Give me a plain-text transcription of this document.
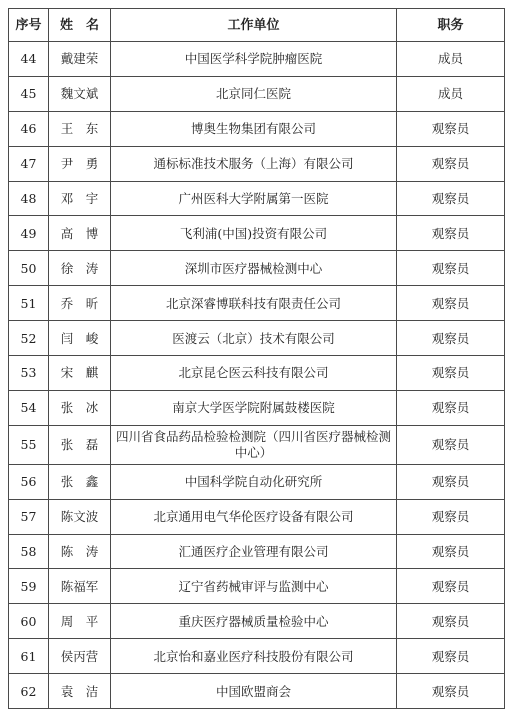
序号	姓　名	工作单位	职务
44	戴建荣	中国医学科学院肿瘤医院	成员
45	魏文斌	北京同仁医院	成员
46	王　东	博奥生物集团有限公司	观察员
47	尹　勇	通标标准技术服务（上海）有限公司	观察员
48	邓　宇	广州医科大学附属第一医院	观察员
49	高　博	飞利浦(中国)投资有限公司	观察员
50	徐　涛	深圳市医疗器械检测中心	观察员
51	乔　昕	北京深睿博联科技有限责任公司	观察员
52	闫　峻	医渡云（北京）技术有限公司	观察员
53	宋　麒	北京昆仑医云科技有限公司	观察员
54	张　冰	南京大学医学院附属鼓楼医院	观察员
55	张　磊	四川省食品药品检验检测院（四川省医疗器械检测中心）	观察员
56	张　鑫	中国科学院自动化研究所	观察员
57	陈文波	北京通用电气华伦医疗设备有限公司	观察员
58	陈　涛	汇通医疗企业管理有限公司	观察员
59	陈福军	辽宁省药械审评与监测中心	观察员
60	周　平	重庆医疗器械质量检验中心	观察员
61	侯丙营	北京怡和嘉业医疗科技股份有限公司	观察员
62	袁　洁	中国欧盟商会	观察员
